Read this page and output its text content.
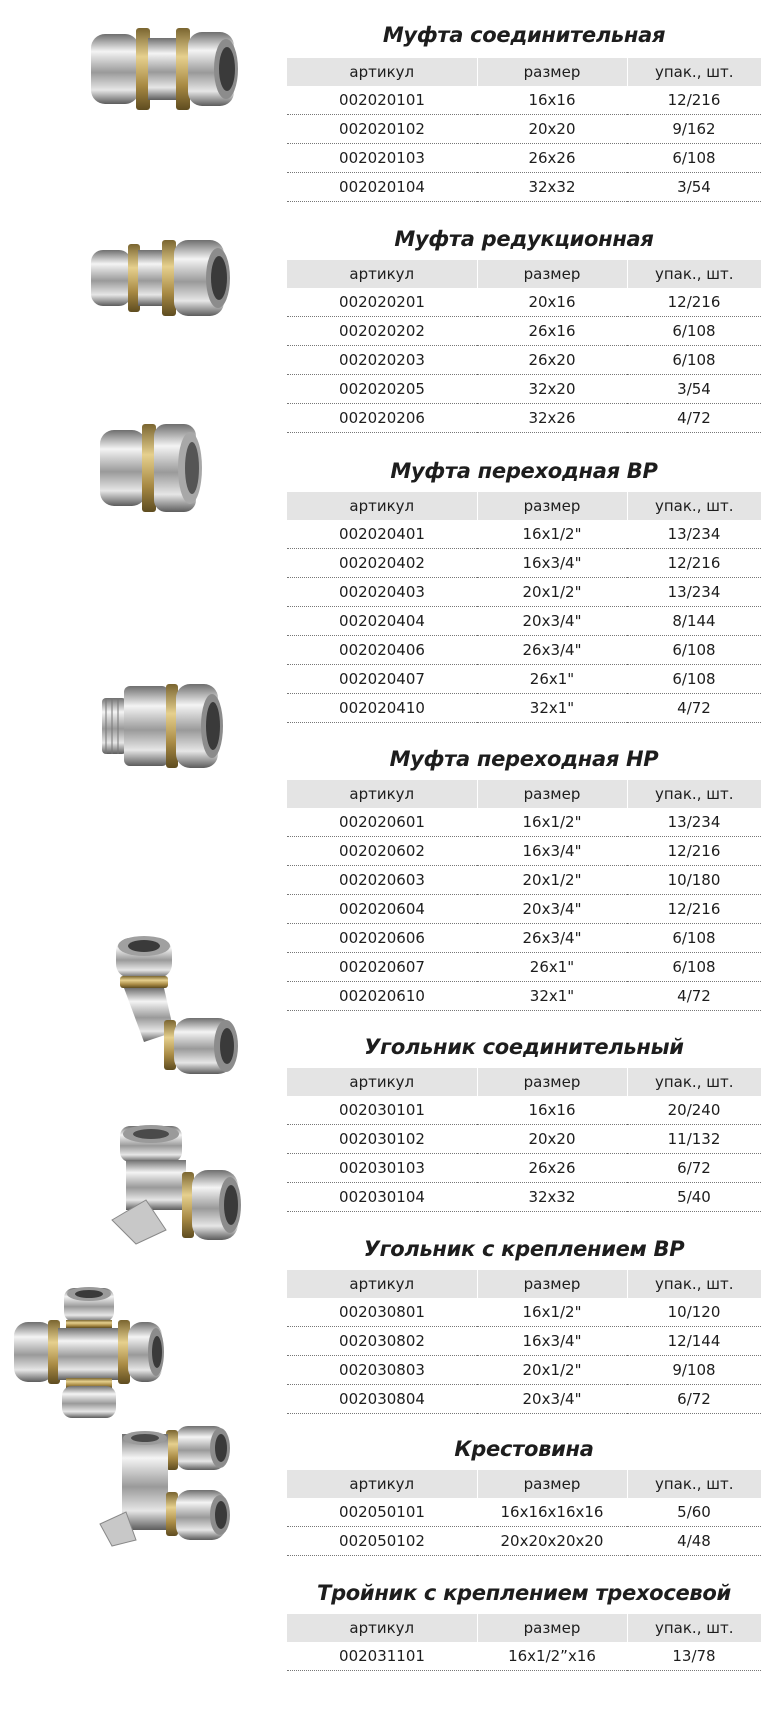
Муфта соединительная
артикул	размер	упак., шт.
002020101	16x16	12/216
002020102	20x20	9/162
002020103	26x26	6/108
002020104	32x32	3/54
Муфта редукционная
артикул	размер	упак., шт.
002020201	20x16	12/216
002020202	26x16	6/108
002020203	26x20	6/108
002020205	32x20	3/54
002020206	32x26	4/72
Муфта переходная ВР
артикул	размер	упак., шт.
002020401	16x1/2"	13/234
002020402	16x3/4"	12/216
002020403	20x1/2"	13/234
002020404	20x3/4"	8/144
002020406	26x3/4"	6/108
002020407	26x1"	6/108
002020410	32x1"	4/72
Муфта переходная НР
артикул	размер	упак., шт.
002020601	16x1/2"	13/234
002020602	16x3/4"	12/216
002020603	20x1/2"	10/180
002020604	20x3/4"	12/216
002020606	26x3/4"	6/108
002020607	26x1"	6/108
002020610	32x1"	4/72
Угольник соединительный
артикул	размер	упак., шт.
002030101	16x16	20/240
002030102	20x20	11/132
002030103	26x26	6/72
002030104	32x32	5/40
Угольник с креплением ВР
артикул	размер	упак., шт.
002030801	16x1/2"	10/120
002030802	16x3/4"	12/144
002030803	20x1/2"	9/108
002030804	20x3/4"	6/72
Крестовина
артикул	размер	упак., шт.
002050101	16x16x16x16	5/60
002050102	20x20x20x20	4/48
Тройник с креплением трехосевой
артикул	размер	упак., шт.
002031101	16x1/2”x16	13/78
